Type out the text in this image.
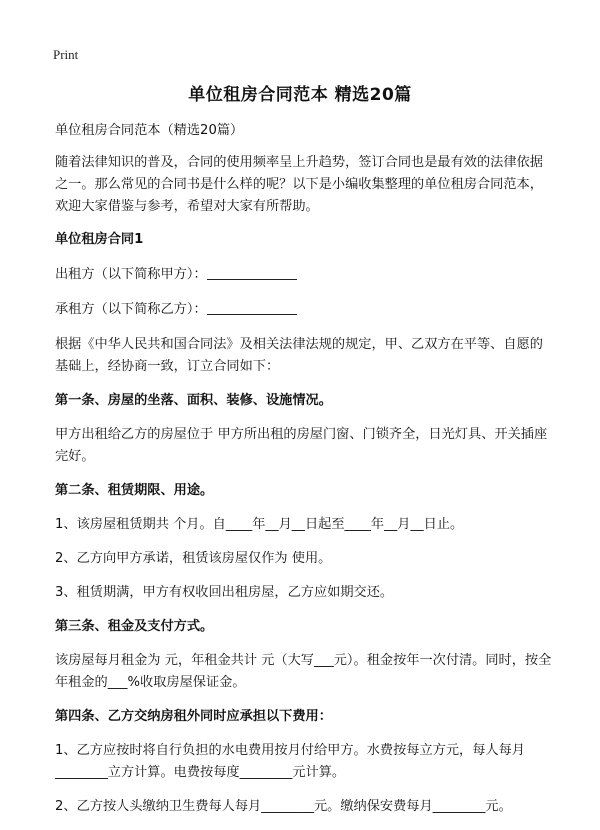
Print
单位租房合同范本 精选20篇

单位租房合同范本（精选20篇）

随着法律知识的普及，合同的使用频率呈上升趋势，签订合同也是最有效的法律依据之一。那么常见的合同书是什么样的呢？以下是小编收集整理的单位租房合同范本，欢迎大家借鉴与参考，希望对大家有所帮助。

单位租房合同1

出租方（以下简称甲方）：

承租方（以下简称乙方）：

根据《中华人民共和国合同法》及相关法律法规的规定，甲、乙双方在平等、自愿的基础上，经协商一致，订立合同如下：

第一条、房屋的坐落、面积、装修、设施情况。

甲方出租给乙方的房屋位于 甲方所出租的房屋门窗、门锁齐全，日光灯具、开关插座完好。

第二条、租赁期限、用途。

1、该房屋租赁期共 个月。自____年__月__日起至____年__月__日止。

2、乙方向甲方承诺，租赁该房屋仅作为 使用。

3、租赁期满，甲方有权收回出租房屋，乙方应如期交还。

第三条、租金及支付方式。

该房屋每月租金为 元，年租金共计 元（大写___元）。租金按年一次付清。同时，按全年租金的___%收取房屋保证金。

第四条、乙方交纳房租外同时应承担以下费用：

1、乙方应按时将自行负担的水电费用按月付给甲方。水费按每立方元，每人每月________立方计算。电费按每度________元计算。

2、乙方按人头缴纳卫生费每人每月________元。缴纳保安费每月________元。
